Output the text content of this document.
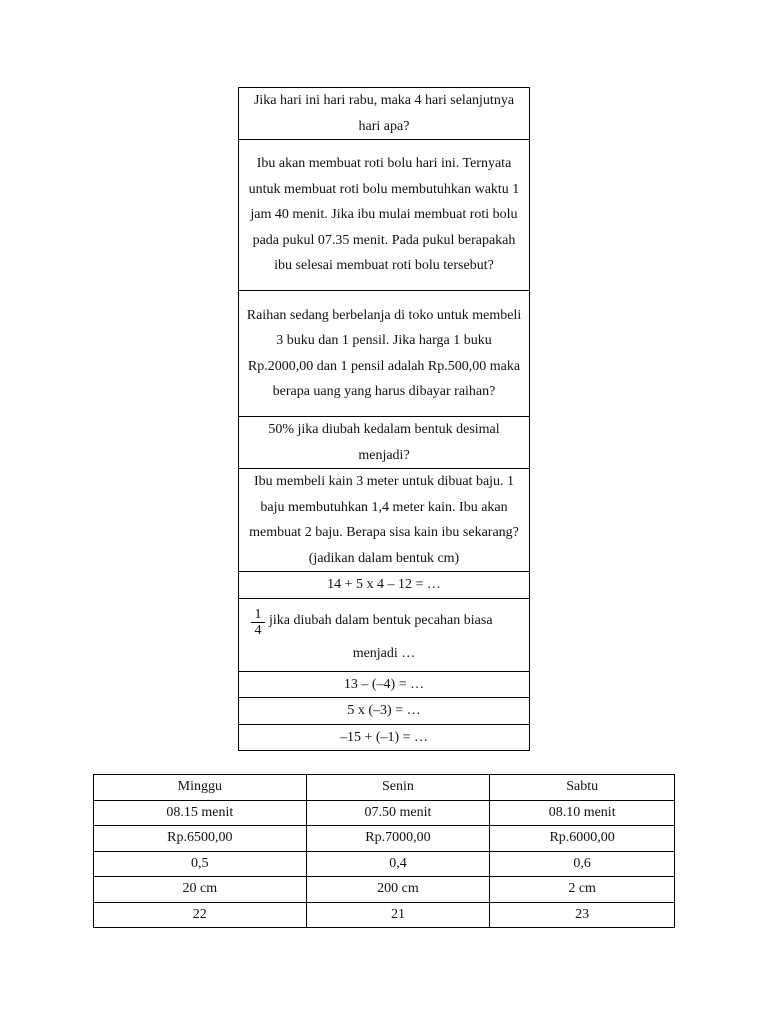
Jika hari ini hari rabu, maka 4 hari selanjutnya hari apa?
Ibu akan membuat roti bolu hari ini. Ternyata untuk membuat roti bolu membutuhkan waktu 1 jam 40 menit. Jika ibu mulai membuat roti bolu pada pukul 07.35 menit. Pada pukul berapakah ibu selesai membuat roti bolu tersebut?
Raihan sedang berbelanja di toko untuk membeli 3 buku dan 1 pensil. Jika harga 1 buku Rp.2000,00 dan 1 pensil adalah Rp.500,00 maka berapa uang yang harus dibayar raihan?
50% jika diubah kedalam bentuk desimal menjadi?
Ibu membeli kain 3 meter untuk dibuat baju. 1 baju membutuhkan 1,4 meter kain. Ibu akan membuat 2 baju. Berapa sisa kain ibu sekarang? (jadikan dalam bentuk cm)
14 + 5 x 4 – 12 = …

$\frac{1}{4}$ jika diubah dalam bentuk pecahan biasa
menjadi …

13 – (–4) = …
5 x (–3) = …
–15 + (–1) = …
Minggu	Senin	Sabtu
08.15 menit	07.50 menit	08.10 menit
Rp.6500,00	Rp.7000,00	Rp.6000,00
0,5	0,4	0,6
20 cm	200 cm	2 cm
22	21	23
